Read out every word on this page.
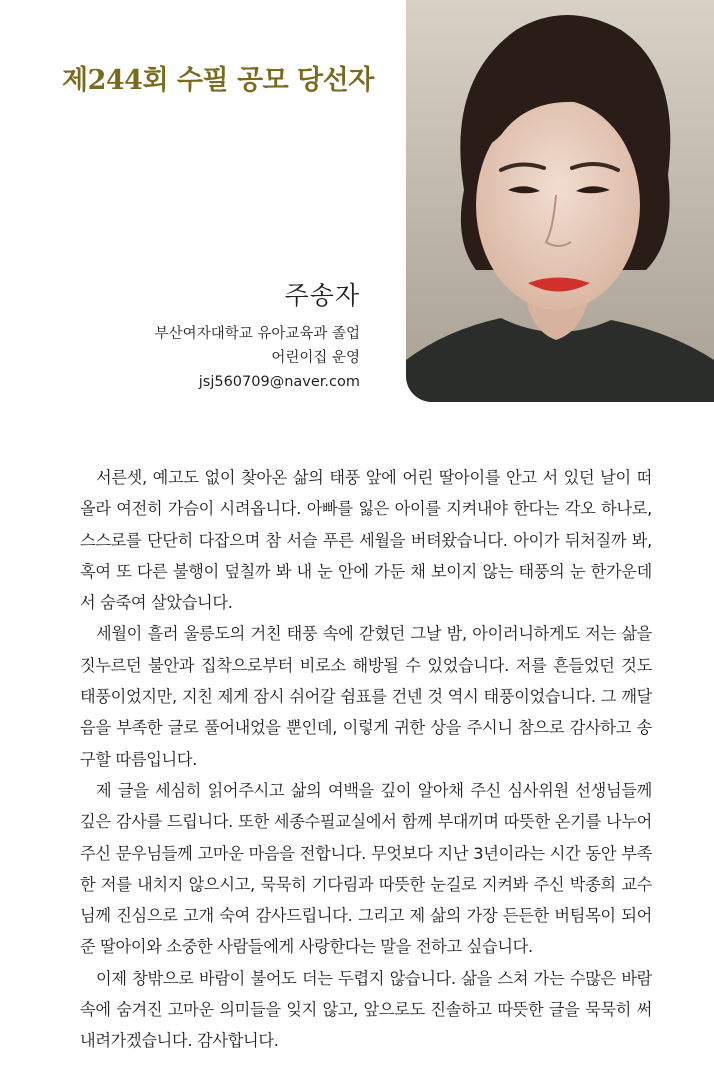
제244회 수필 공모 당선자
주송자
부산여자대학교 유아교육과 졸업
어린이집 운영
jsj560709@naver.com

서른셋, 예고도 없이 찾아온 삶의 태풍 앞에 어린 딸아이를 안고 서 있던 날이 떠올라 여전히 가슴이 시려옵니다. 아빠를 잃은 아이를 지켜내야 한다는 각오 하나로, 스스로를 단단히 다잡으며 참 서슬 푸른 세월을 버텨왔습니다. 아이가 뒤처질까 봐, 혹여 또 다른 불행이 덮칠까 봐 내 눈 안에 가둔 채 보이지 않는 태풍의 눈 한가운데서 숨죽여 살았습니다.

세월이 흘러 울릉도의 거친 태풍 속에 갇혔던 그날 밤, 아이러니하게도 저는 삶을 짓누르던 불안과 집착으로부터 비로소 해방될 수 있었습니다. 저를 흔들었던 것도 태풍이었지만, 지친 제게 잠시 쉬어갈 쉼표를 건넨 것 역시 태풍이었습니다. 그 깨달음을 부족한 글로 풀어내었을 뿐인데, 이렇게 귀한 상을 주시니 참으로 감사하고 송구할 따름입니다.

제 글을 세심히 읽어주시고 삶의 여백을 깊이 알아채 주신 심사위원 선생님들께 깊은 감사를 드립니다. 또한 세종수필교실에서 함께 부대끼며 따뜻한 온기를 나누어 주신 문우님들께 고마운 마음을 전합니다. 무엇보다 지난 3년이라는 시간 동안 부족한 저를 내치지 않으시고, 묵묵히 기다림과 따뜻한 눈길로 지켜봐 주신 박종희 교수님께 진심으로 고개 숙여 감사드립니다. 그리고 제 삶의 가장 든든한 버팀목이 되어준 딸아이와 소중한 사람들에게 사랑한다는 말을 전하고 싶습니다.

이제 창밖으로 바람이 불어도 더는 두렵지 않습니다. 삶을 스쳐 가는 수많은 바람 속에 숨겨진 고마운 의미들을 잊지 않고, 앞으로도 진솔하고 따뜻한 글을 묵묵히 써 내려가겠습니다. 감사합니다.
